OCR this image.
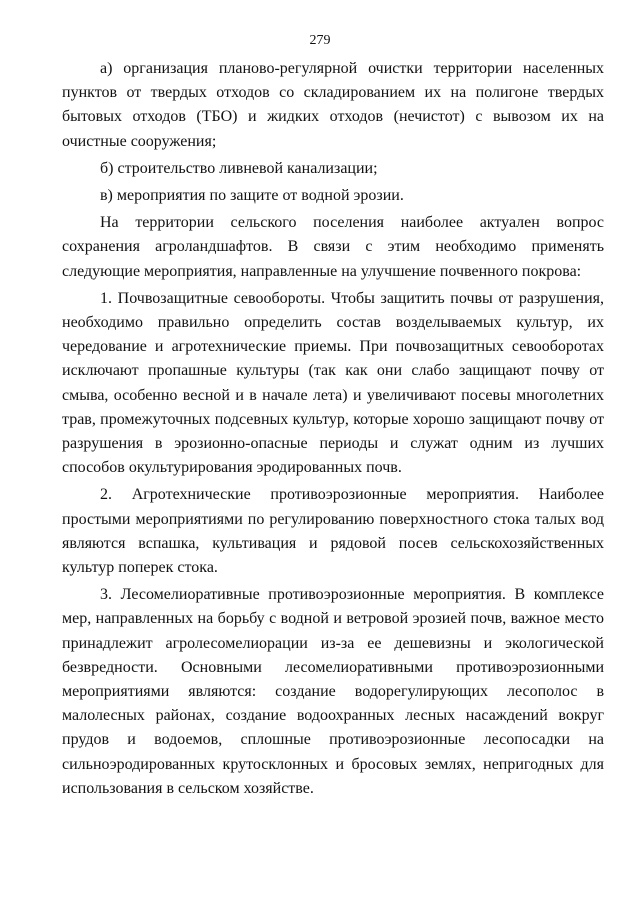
279

а) организация планово-регулярной очистки территории населенных пунктов от твердых отходов со складированием их на полигоне твердых бытовых отходов (ТБО) и жидких отходов (нечистот) с вывозом их на очистные сооружения;

б) строительство ливневой канализации;

в) мероприятия по защите от водной эрозии.

На территории сельского поселения наиболее актуален вопрос сохранения агроландшафтов. В связи с этим необходимо применять следующие мероприятия, направленные на улучшение почвенного покрова:

1. Почвозащитные севообороты. Чтобы защитить почвы от разрушения, необходимо правильно определить состав возделываемых культур, их чередование и агротехнические приемы. При почвозащитных севооборотах исключают пропашные культуры (так как они слабо защищают почву от смыва, особенно весной и в начале лета) и увеличивают посевы многолетних трав, промежуточных подсевных культур, которые хорошо защищают почву от разрушения в эрозионно-опасные периоды и служат одним из лучших способов окультурирования эродированных почв.

2. Агротехнические противоэрозионные мероприятия. Наиболее простыми мероприятиями по регулированию поверхностного стока талых вод являются вспашка, культивация и рядовой посев сельскохозяйственных культур поперек стока.

3. Лесомелиоративные противоэрозионные мероприятия. В комплексе мер, направленных на борьбу с водной и ветровой эрозией почв, важное место принадлежит агролесомелиорации из-за ее дешевизны и экологической безвредности. Основными лесомелиоративными противоэрозионными мероприятиями являются: создание водорегулирующих лесополос в малолесных районах, создание водоохранных лесных насаждений вокруг прудов и водоемов, сплошные противоэрозионные лесопосадки на сильноэродированных крутосклонных и бросовых землях, непригодных для использования в сельском хозяйстве.
